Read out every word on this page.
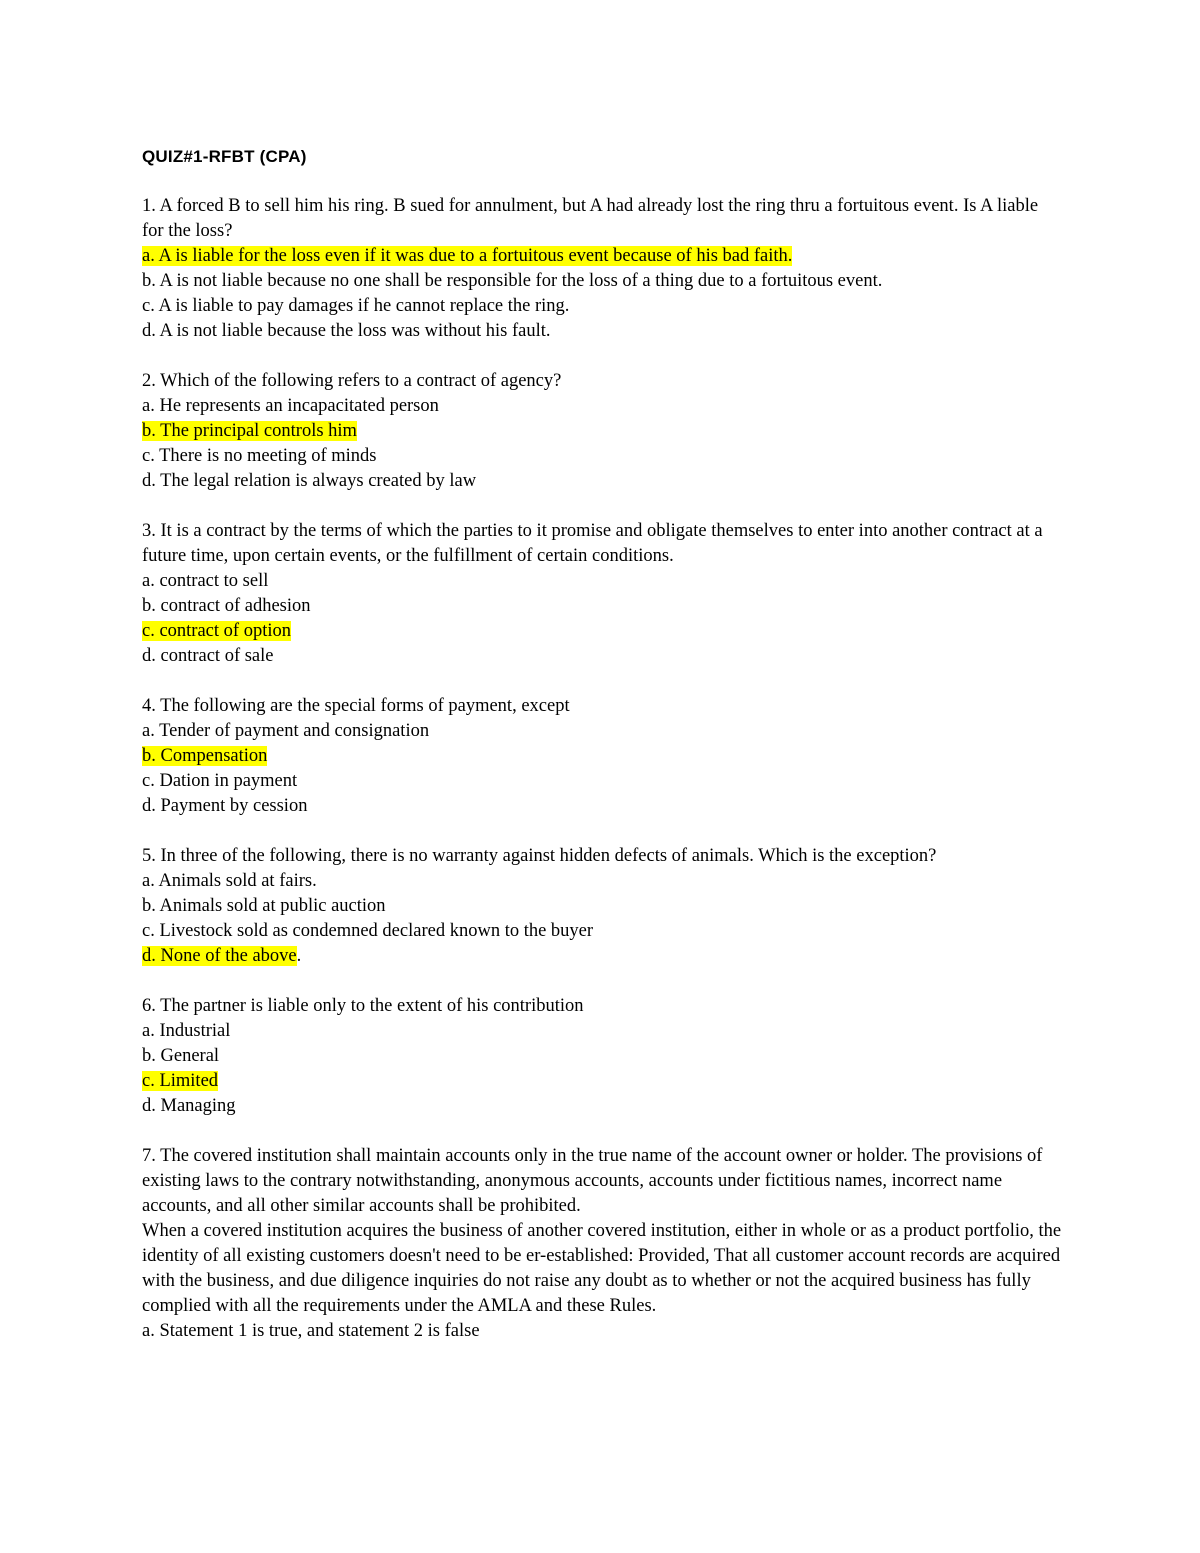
QUIZ#1-RFBT (CPA)

1. A forced B to sell him his ring. B sued for annulment, but A had already lost the ring thru a fortuitous event. Is A liable for the loss?

a. A is liable for the loss even if it was due to a fortuitous event because of his bad faith.

b. A is not liable because no one shall be responsible for the loss of a thing due to a fortuitous event.

c. A is liable to pay damages if he cannot replace the ring.

d. A is not liable because the loss was without his fault.

2. Which of the following refers to a contract of agency?

a. He represents an incapacitated person

b. The principal controls him

c. There is no meeting of minds

d. The legal relation is always created by law

3. It is a contract by the terms of which the parties to it promise and obligate themselves to enter into another contract at a future time, upon certain events, or the fulfillment of certain conditions.

a. contract to sell

b. contract of adhesion

c. contract of option

d. contract of sale

4. The following are the special forms of payment, except

a. Tender of payment and consignation

b. Compensation

c. Dation in payment

d. Payment by cession

5. In three of the following, there is no warranty against hidden defects of animals. Which is the exception?

a. Animals sold at fairs.

b. Animals sold at public auction

c. Livestock sold as condemned declared known to the buyer

d. None of the above.

6. The partner is liable only to the extent of his contribution

a. Industrial

b. General

c. Limited

d. Managing

7. The covered institution shall maintain accounts only in the true name of the account owner or holder. The provisions of existing laws to the contrary notwithstanding, anonymous accounts, accounts under fictitious names, incorrect name accounts, and all other similar accounts shall be prohibited.

When a covered institution acquires the business of another covered institution, either in whole or as a product portfolio, the identity of all existing customers doesn't need to be er-established: Provided, That all customer account records are acquired with the business, and due diligence inquiries do not raise any doubt as to whether or not the acquired business has fully complied with all the requirements under the AMLA and these Rules.

a. Statement 1 is true, and statement 2 is false
